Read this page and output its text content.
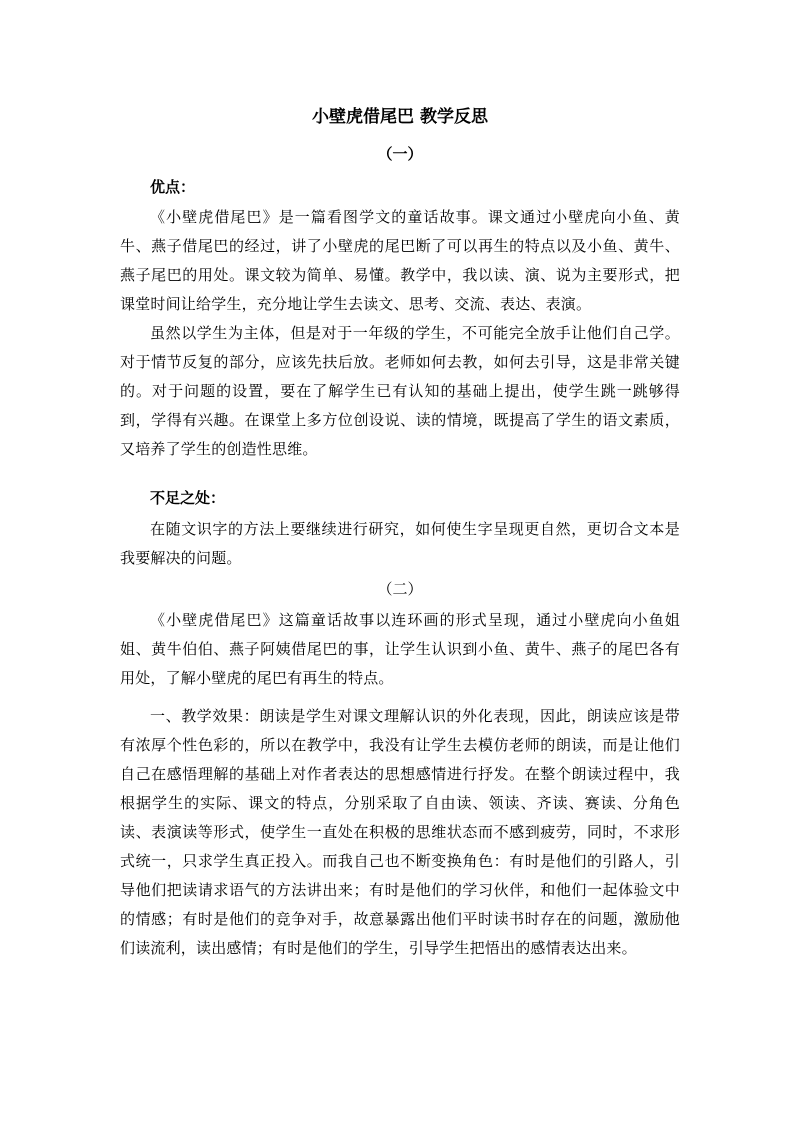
小壁虎借尾巴 教学反思
（一）
优点：
《小壁虎借尾巴》是一篇看图学文的童话故事。课文通过小壁虎向小鱼、黄牛、燕子借尾巴的经过，讲了小壁虎的尾巴断了可以再生的特点以及小鱼、黄牛、燕子尾巴的用处。课文较为简单、易懂。教学中，我以读、演、说为主要形式，把课堂时间让给学生，充分地让学生去读文、思考、交流、表达、表演。
虽然以学生为主体，但是对于一年级的学生，不可能完全放手让他们自己学。对于情节反复的部分，应该先扶后放。老师如何去教，如何去引导，这是非常关键的。对于问题的设置，要在了解学生已有认知的基础上提出，使学生跳一跳够得到，学得有兴趣。在课堂上多方位创设说、读的情境，既提高了学生的语文素质，又培养了学生的创造性思维。
不足之处：
在随文识字的方法上要继续进行研究，如何使生字呈现更自然，更切合文本是我要解决的问题。
（二）
《小壁虎借尾巴》这篇童话故事以连环画的形式呈现，通过小壁虎向小鱼姐姐、黄牛伯伯、燕子阿姨借尾巴的事，让学生认识到小鱼、黄牛、燕子的尾巴各有用处，了解小壁虎的尾巴有再生的特点。
一、教学效果：朗读是学生对课文理解认识的外化表现，因此，朗读应该是带有浓厚个性色彩的，所以在教学中，我没有让学生去模仿老师的朗读，而是让他们自己在感悟理解的基础上对作者表达的思想感情进行抒发。在整个朗读过程中，我根据学生的实际、课文的特点，分别采取了自由读、领读、齐读、赛读、分角色读、表演读等形式，使学生一直处在积极的思维状态而不感到疲劳，同时，不求形式统一，只求学生真正投入。而我自己也不断变换角色：有时是他们的引路人，引导他们把读请求语气的方法讲出来；有时是他们的学习伙伴，和他们一起体验文中的情感；有时是他们的竞争对手，故意暴露出他们平时读书时存在的问题，激励他们读流利，读出感情；有时是他们的学生，引导学生把悟出的感情表达出来。
